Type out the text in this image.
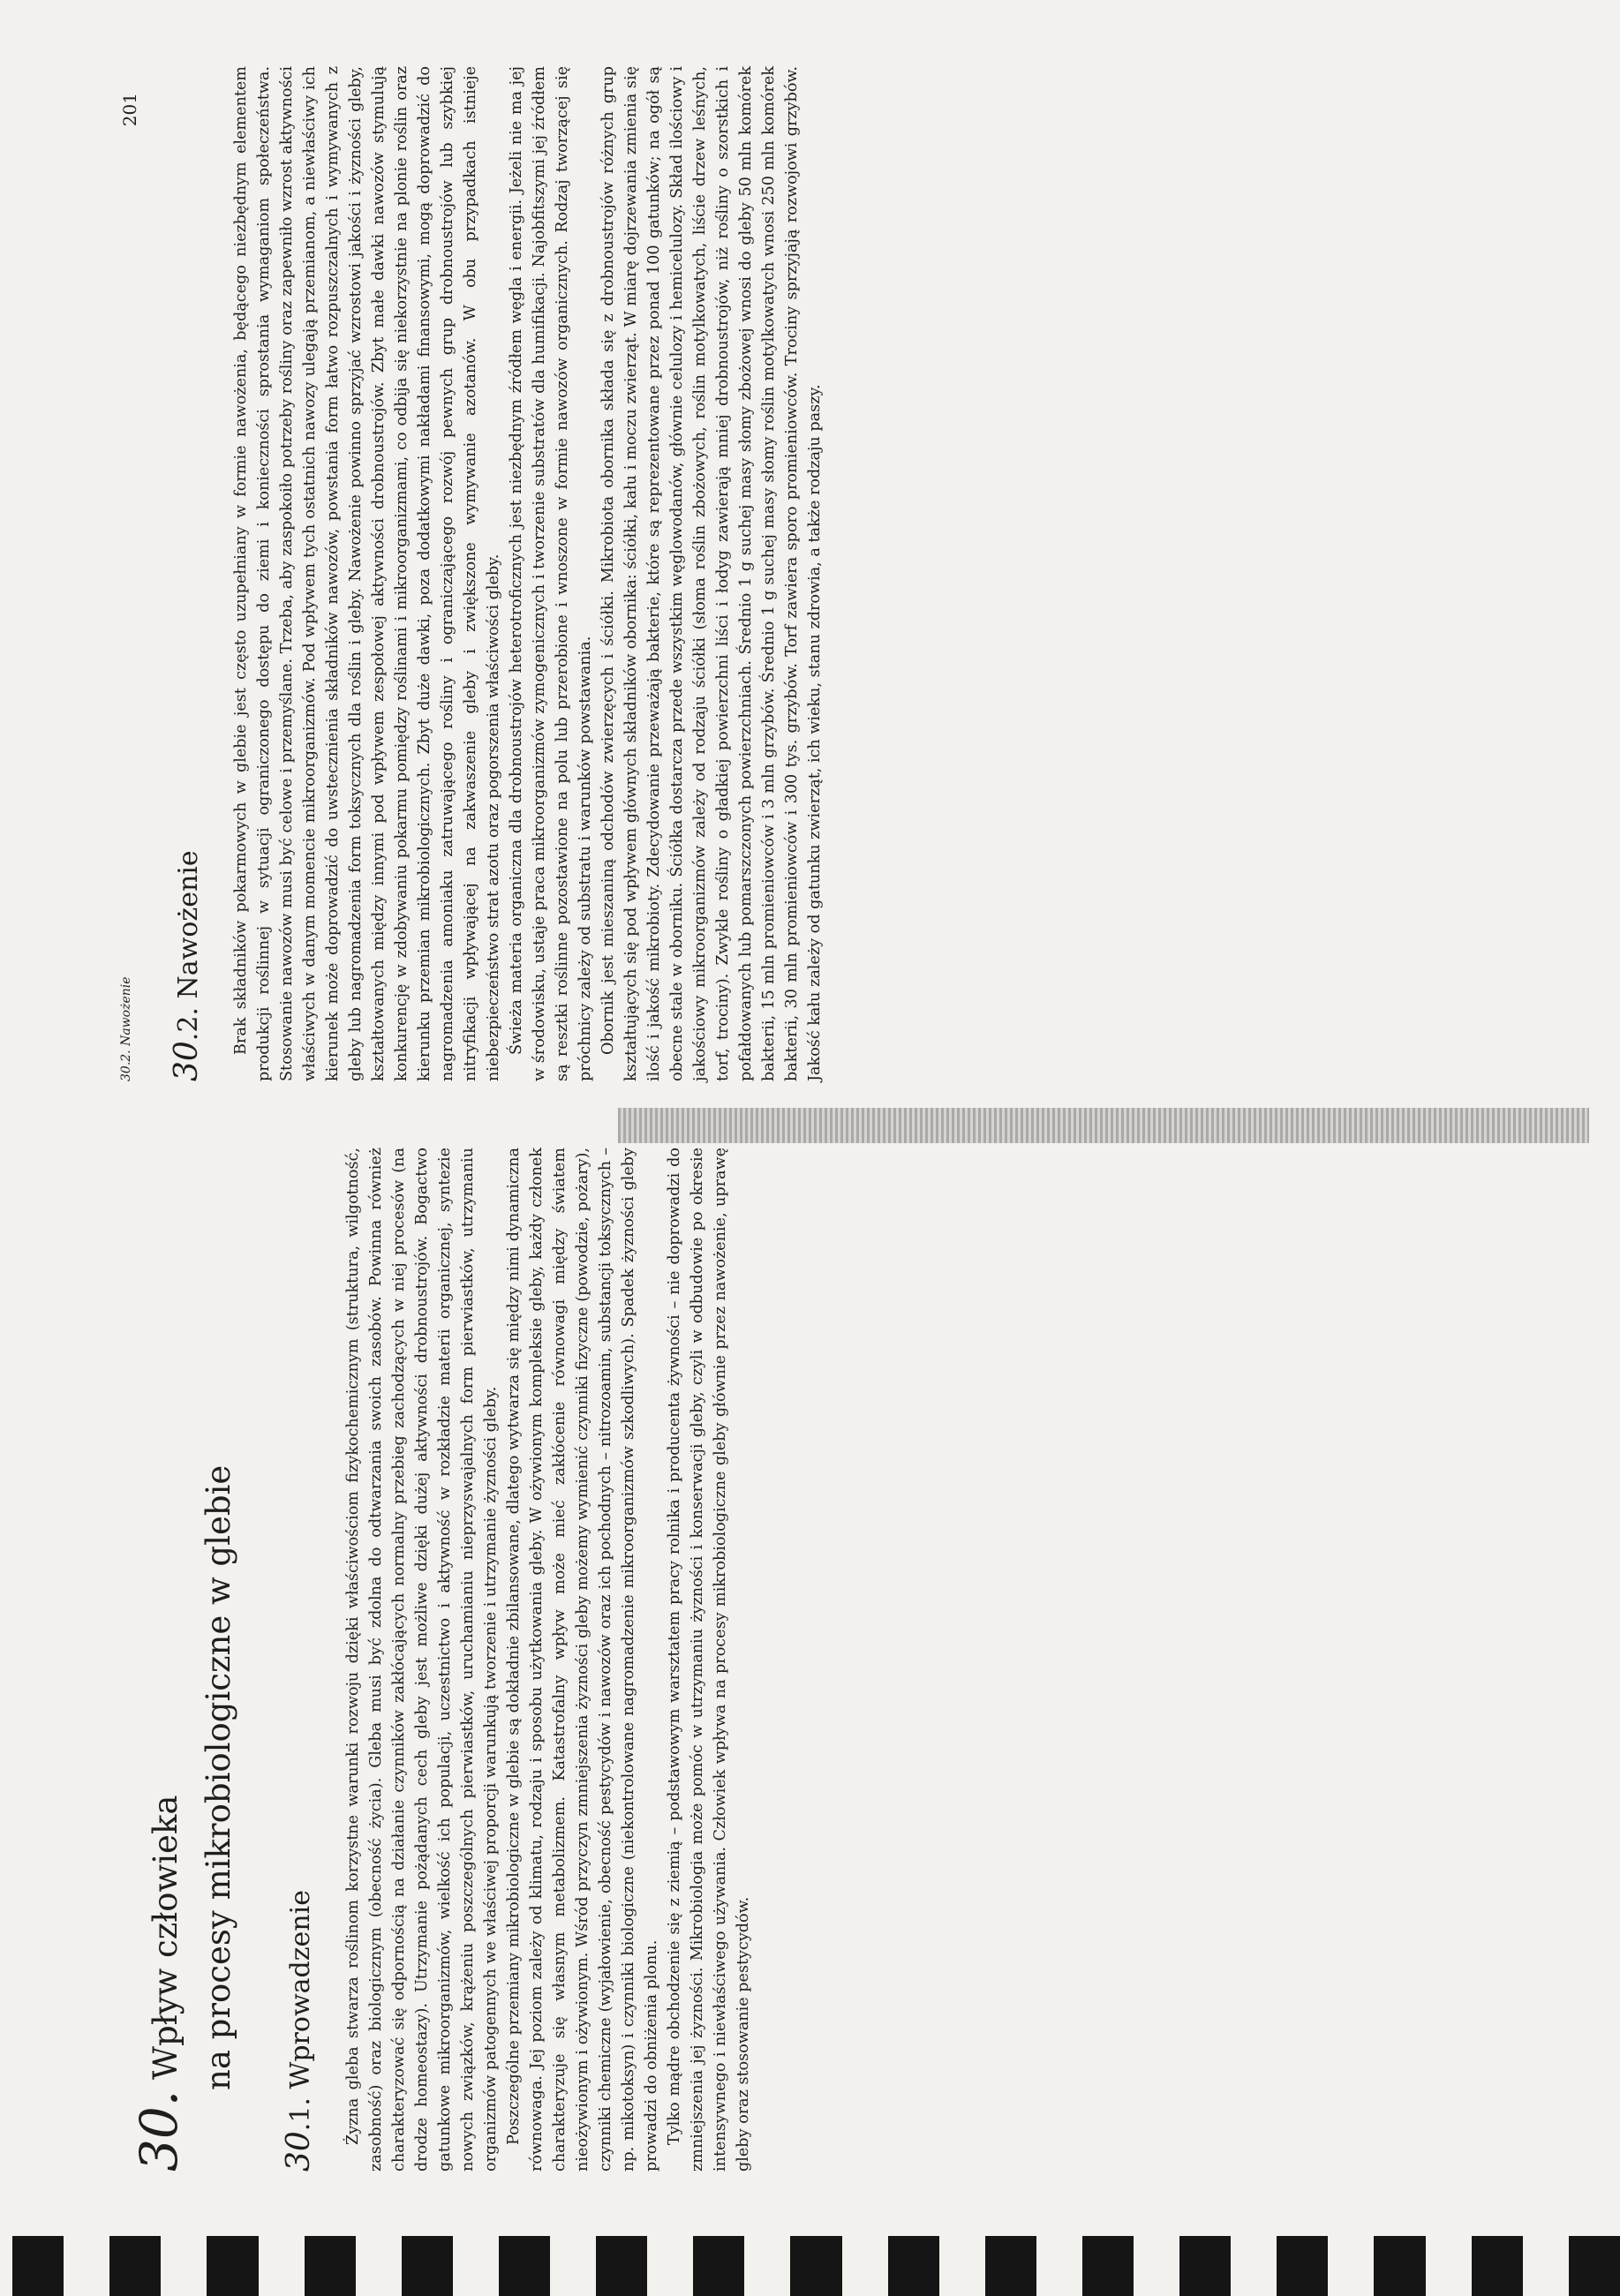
30. Wpływ człowieka na procesy mikrobiologiczne w glebie
30.1. Wprowadzenie Żyzna gleba stwarza roślinom korzystne warunki rozwoju dzięki właściwościom fizykochemicznym (struktura, wilgotność, zasobność) oraz biologicznym (obecność życia). Gleba musi być zdolna do odtwarzania swoich zasobów. Powinna również charakteryzować się odpornością na działanie czynników zakłócających normalny przebieg zachodzących w niej procesów (na drodze homeostazy). Utrzymanie pożądanych cech gleby jest możliwe dzięki dużej aktywności drobnoustrojów. Bogactwo gatunkowe mikroorganizmów, wielkość ich populacji, uczestnictwo i aktywność w rozkładzie materii organicznej, syntezie nowych związków, krążeniu poszczególnych pierwiastków, uruchamianiu nieprzyswajalnych form pierwiastków, utrzymaniu organizmów patogennych we właściwej proporcji warunkują tworzenie i utrzymanie żyzności gleby. Poszczególne przemiany mikrobiologiczne w glebie są dokładnie zbilansowane, dlatego wytwarza się między nimi dynamiczna równowaga. Jej poziom zależy od klimatu, rodzaju i sposobu użytkowania gleby. W ożywionym kompleksie gleby, każdy członek charakteryzuje się własnym metabolizmem. Katastrofalny wpływ może mieć zakłócenie równowagi między światem nieożywionym i ożywionym. Wśród przyczyn zmniejszenia żyzności gleby możemy wymienić czynniki fizyczne (powodzie, pożary), czynniki chemiczne (wyjałowienie, obecność pestycydów i nawozów oraz ich pochodnych – nitrozoamin, substancji toksycznych – np. mikotoksyn) i czynniki biologiczne (niekontrolowane nagromadzenie mikroorganizmów szkodliwych). Spadek żyzności gleby prowadzi do obniżenia plonu. Tylko mądre obchodzenie się z ziemią – podstawowym warsztatem pracy rolnika i producenta żywności – nie doprowadzi do zmniejszenia jej żyzności. Mikrobiologia może pomóc w utrzymaniu żyzności i konserwacji gleby, czyli w odbudowie po okresie intensywnego i niewłaściwego używania. Człowiek wpływa na procesy mikrobiologiczne gleby głównie przez nawożenie, uprawę gleby oraz stosowanie pestycydów.

30.2. Nawożenie
201
30.2. Nawożenie Brak składników pokarmowych w glebie jest często uzupełniany w formie nawożenia, będącego niezbędnym elementem produkcji roślinnej w sytuacji ograniczonego dostępu do ziemi i konieczności sprostania wymaganiom społeczeństwa. Stosowanie nawozów musi być celowe i przemyślane. Trzeba, aby zaspokoiło potrzeby rośliny oraz zapewniło wzrost aktywności właściwych w danym momencie mikroorganizmów. Pod wpływem tych ostatnich nawozy ulegają przemianom, a niewłaściwy ich kierunek może doprowadzić do uwstecznienia składników nawozów, powstania form łatwo rozpuszczalnych i wymywanych z gleby lub nagromadzenia form toksycznych dla roślin i gleby. Nawożenie powinno sprzyjać wzrostowi jakości i żyzności gleby, kształtowanych między innymi pod wpływem zespołowej aktywności drobnoustrojów. Zbyt małe dawki nawozów stymulują konkurencję w zdobywaniu pokarmu pomiędzy roślinami i mikroorganizmami, co odbija się niekorzystnie na plonie roślin oraz kierunku przemian mikrobiologicznych. Zbyt duże dawki, poza dodatkowymi nakładami finansowymi, mogą doprowadzić do nagromadzenia amoniaku zatruwającego rośliny i ograniczającego rozwój pewnych grup drobnoustrojów lub szybkiej nitryfikacji wpływającej na zakwaszenie gleby i zwiększone wymywanie azotanów. W obu przypadkach istnieje niebezpieczeństwo strat azotu oraz pogorszenia właściwości gleby. Świeża materia organiczna dla drobnoustrojów heterotroficznych jest niezbędnym źródłem węgla i energii. Jeżeli nie ma jej w środowisku, ustaje praca mikroorganizmów zymogenicznych i tworzenie substratów dla humifikacji. Najobfitszymi jej źródłem są resztki roślinne pozostawione na polu lub przerobione i wnoszone w formie nawozów organicznych. Rodzaj tworzącej się próchnicy zależy od substratu i warunków powstawania. Obornik jest mieszaniną odchodów zwierzęcych i ściółki. Mikrobiota obornika składa się z drobnoustrojów różnych grup kształtujących się pod wpływem głównych składników obornika: ściółki, kału i moczu zwierząt. W miarę dojrzewania zmienia się ilość i jakość mikrobioty. Zdecydowanie przeważają bakterie, które są reprezentowane przez ponad 100 gatunków; na ogół są obecne stale w oborniku. Ściółka dostarcza przede wszystkim węglowodanów, głównie celulozy i hemicelulozy. Skład ilościowy i jakościowy mikroorganizmów zależy od rodzaju ściółki (słoma roślin zbożowych, roślin motylkowatych, liście drzew leśnych, torf, trociny). Zwykle rośliny o gładkiej powierzchni liści i łodyg zawierają mniej drobnoustrojów, niż rośliny o szorstkich i pofałdowanych lub pomarszczonych powierzchniach. Średnio 1 g suchej masy słomy zbożowej wnosi do gleby 50 mln komórek bakterii, 15 mln promieniowców i 3 mln grzybów. Średnio 1 g suchej masy słomy roślin motylkowatych wnosi 250 mln komórek bakterii, 30 mln promieniowców i 300 tys. grzybów. Torf zawiera sporo promieniowców. Trociny sprzyjają rozwojowi grzybów. Jakość kału zależy od gatunku zwierząt, ich wieku, stanu zdrowia, a także rodzaju paszy.
